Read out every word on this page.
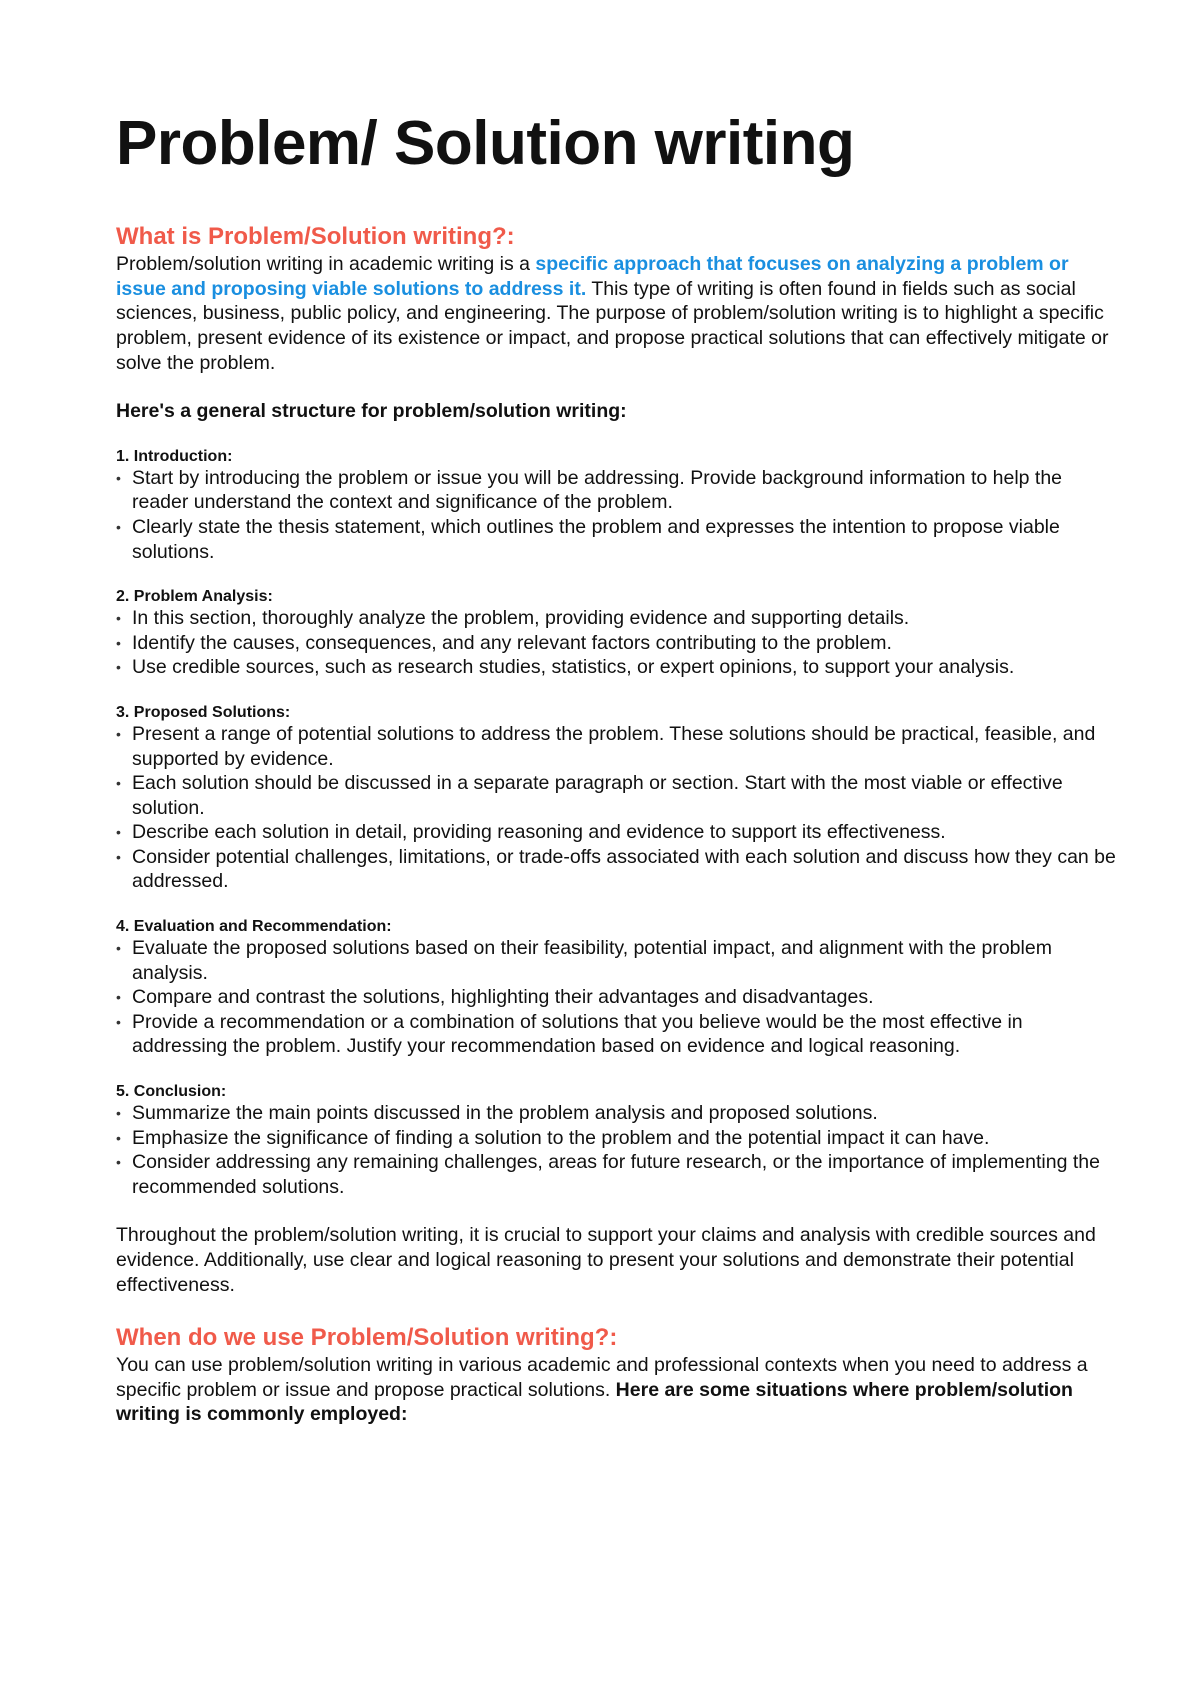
Problem/ Solution writing
What is Problem/Solution writing?:

Problem/solution writing in academic writing is a specific approach that focuses on analyzing a problem or issue and proposing viable solutions to address it. This type of writing is often found in fields such as social sciences, business, public policy, and engineering. The purpose of problem/solution writing is to highlight a specific problem, present evidence of its existence or impact, and propose practical solutions that can effectively mitigate or solve the problem.

Here's a general structure for problem/solution writing:

1. Introduction:
• Start by introducing the problem or issue you will be addressing. Provide background information to help the reader understand the context and significance of the problem.
• Clearly state the thesis statement, which outlines the problem and expresses the intention to propose viable solutions.
2. Problem Analysis:
• In this section, thoroughly analyze the problem, providing evidence and supporting details.
• Identify the causes, consequences, and any relevant factors contributing to the problem.
• Use credible sources, such as research studies, statistics, or expert opinions, to support your analysis.
3. Proposed Solutions:
• Present a range of potential solutions to address the problem. These solutions should be practical, feasible, and supported by evidence.
• Each solution should be discussed in a separate paragraph or section. Start with the most viable or effective solution.
• Describe each solution in detail, providing reasoning and evidence to support its effectiveness.
• Consider potential challenges, limitations, or trade-offs associated with each solution and discuss how they can be addressed.
4. Evaluation and Recommendation:
• Evaluate the proposed solutions based on their feasibility, potential impact, and alignment with the problem analysis.
• Compare and contrast the solutions, highlighting their advantages and disadvantages.
• Provide a recommendation or a combination of solutions that you believe would be the most effective in addressing the problem. Justify your recommendation based on evidence and logical reasoning.
5. Conclusion:
• Summarize the main points discussed in the problem analysis and proposed solutions.
• Emphasize the significance of finding a solution to the problem and the potential impact it can have.
• Consider addressing any remaining challenges, areas for future research, or the importance of implementing the recommended solutions.

Throughout the problem/solution writing, it is crucial to support your claims and analysis with credible sources and evidence. Additionally, use clear and logical reasoning to present your solutions and demonstrate their potential effectiveness.

When do we use Problem/Solution writing?:

You can use problem/solution writing in various academic and professional contexts when you need to address a specific problem or issue and propose practical solutions. Here are some situations where problem/solution writing is commonly employed:
